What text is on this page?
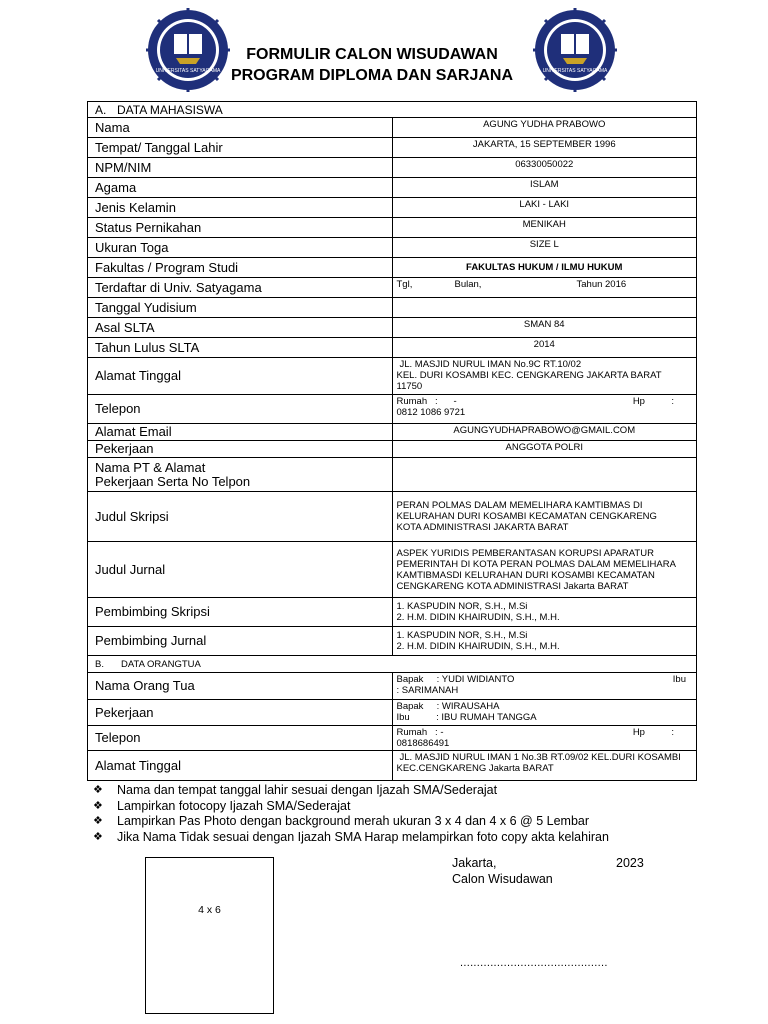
UNIVERSITAS SATYAGAMA	UNIVERSITAS SATYAGAMA
FORMULIR CALON WISUDAWAN
PROGRAM DIPLOMA DAN SARJANA
A. DATA MAHASISWA	
Nama	AGUNG YUDHA PRABOWO
Tempat/ Tanggal Lahir	JAKARTA, 15 SEPTEMBER 1996
NPM/NIM	06330050022
Agama	ISLAM
Jenis Kelamin	LAKI - LAKI
Status Pernikahan	MENIKAH
Ukuran Toga	SIZE L
Fakultas / Program Studi	FAKULTAS HUKUM / ILMU HUKUM
Terdaftar di Univ. Satyagama	Tgl, Bulan, Tahun 2016
Tanggal Yudisium	
Asal SLTA	SMAN 84
Tahun Lulus SLTA	2014
Alamat Tinggal	JL. MASJID NURUL IMAN No.9C RT.10/02
KEL. DURI KOSAMBI KEC. CENGKARENG JAKARTA BARAT
11750

Telepon	Rumah   :      - Hp          :
0812 1086 9721

Alamat Email	AGUNGYUDHAPRABOWO@GMAIL.COM
Pekerjaan	ANGGOTA POLRI

Nama PT & Alamat
Pekerjaan Serta No Telpon	

Judul Skripsi	PERAN POLMAS DALAM MEMELIHARA KAMTIBMAS DI KELURAHAN DURI KOSAMBI KECAMATAN CENGKARENG KOTA ADMINISTRASI JAKARTA BARAT
Judul Jurnal	ASPEK YURIDIS PEMBERANTASAN KORUPSI APARATUR PEMERINTAH DI KOTA PERAN POLMAS DALAM MEMELIHARA KAMTIBMASDI KELURAHAN DURI KOSAMBI KECAMATAN CENGKARENG KOTA ADMINISTRASI Jakarta BARAT
Pembimbing Skripsi	1. KASPUDIN NOR, S.H., M.Si
2. H.M. DIDIN KHAIRUDIN, S.H., M.H.

Pembimbing Jurnal	1. KASPUDIN NOR, S.H., M.Si
2. H.M. DIDIN KHAIRUDIN, S.H., M.H.

B. DATA ORANGTUA	
Nama Orang Tua	Bapak     : YUDI WIDIANTO Ibu
: SARIMANAH

Pekerjaan	Bapak     : WIRAUSAHA
Ibu          : IBU RUMAH TANGGA

Telepon	Rumah   : - Hp          :
0818686491

Alamat Tinggal	JL. MASJID NURUL IMAN 1 No.3B RT.09/02 KEL.DURI KOSAMBI
KEC.CENGKARENG Jakarta BARAT
❖	Nama dan tempat tanggal lahir sesuai dengan Ijazah SMA/Sederajat
❖	Lampirkan fotocopy Ijazah SMA/Sederajat
❖	Lampirkan Pas Photo dengan background merah ukuran 3 x 4 dan 4 x 6 @ 5 Lembar
❖	Jika Nama Tidak sesuai dengan Ijazah SMA Harap melampirkan foto copy akta kelahiran
4 x 6
Jakarta,	2023
Calon Wisudawan
............................................
